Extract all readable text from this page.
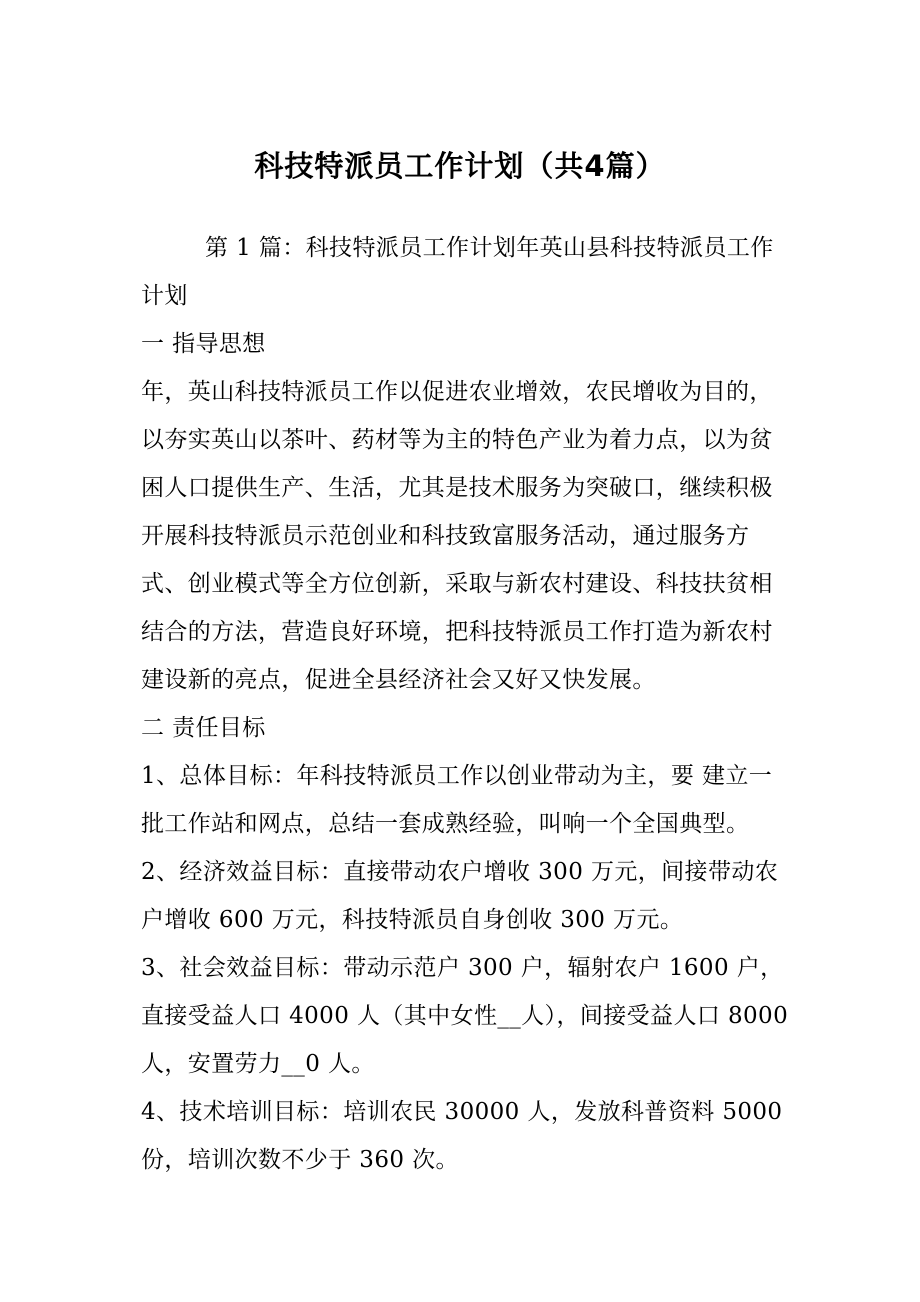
科技特派员工作计划（共4篇）

第 1 篇：科技特派员工作计划年英山县科技特派员工作计划

一 指导思想

年，英山科技特派员工作以促进农业增效，农民增收为目的，以夯实英山以茶叶、药材等为主的特色产业为着力点，以为贫困人口提供生产、生活，尤其是技术服务为突破口，继续积极开展科技特派员示范创业和科技致富服务活动，通过服务方式、创业模式等全方位创新，采取与新农村建设、科技扶贫相结合的方法，营造良好环境，把科技特派员工作打造为新农村建设新的亮点，促进全县经济社会又好又快发展。

二 责任目标

1、总体目标：年科技特派员工作以创业带动为主，要 建立一批工作站和网点，总结一套成熟经验，叫响一个全国典型。

2、经济效益目标：直接带动农户增收 300 万元，间接带动农户增收 600 万元，科技特派员自身创收 300 万元。

3、社会效益目标：带动示范户 300 户，辐射农户 1600 户，直接受益人口 4000 人（其中女性__人），间接受益人口 8000 人，安置劳力__0 人。

4、技术培训目标：培训农民 30000 人，发放科普资料 5000 份，培训次数不少于 360 次。
